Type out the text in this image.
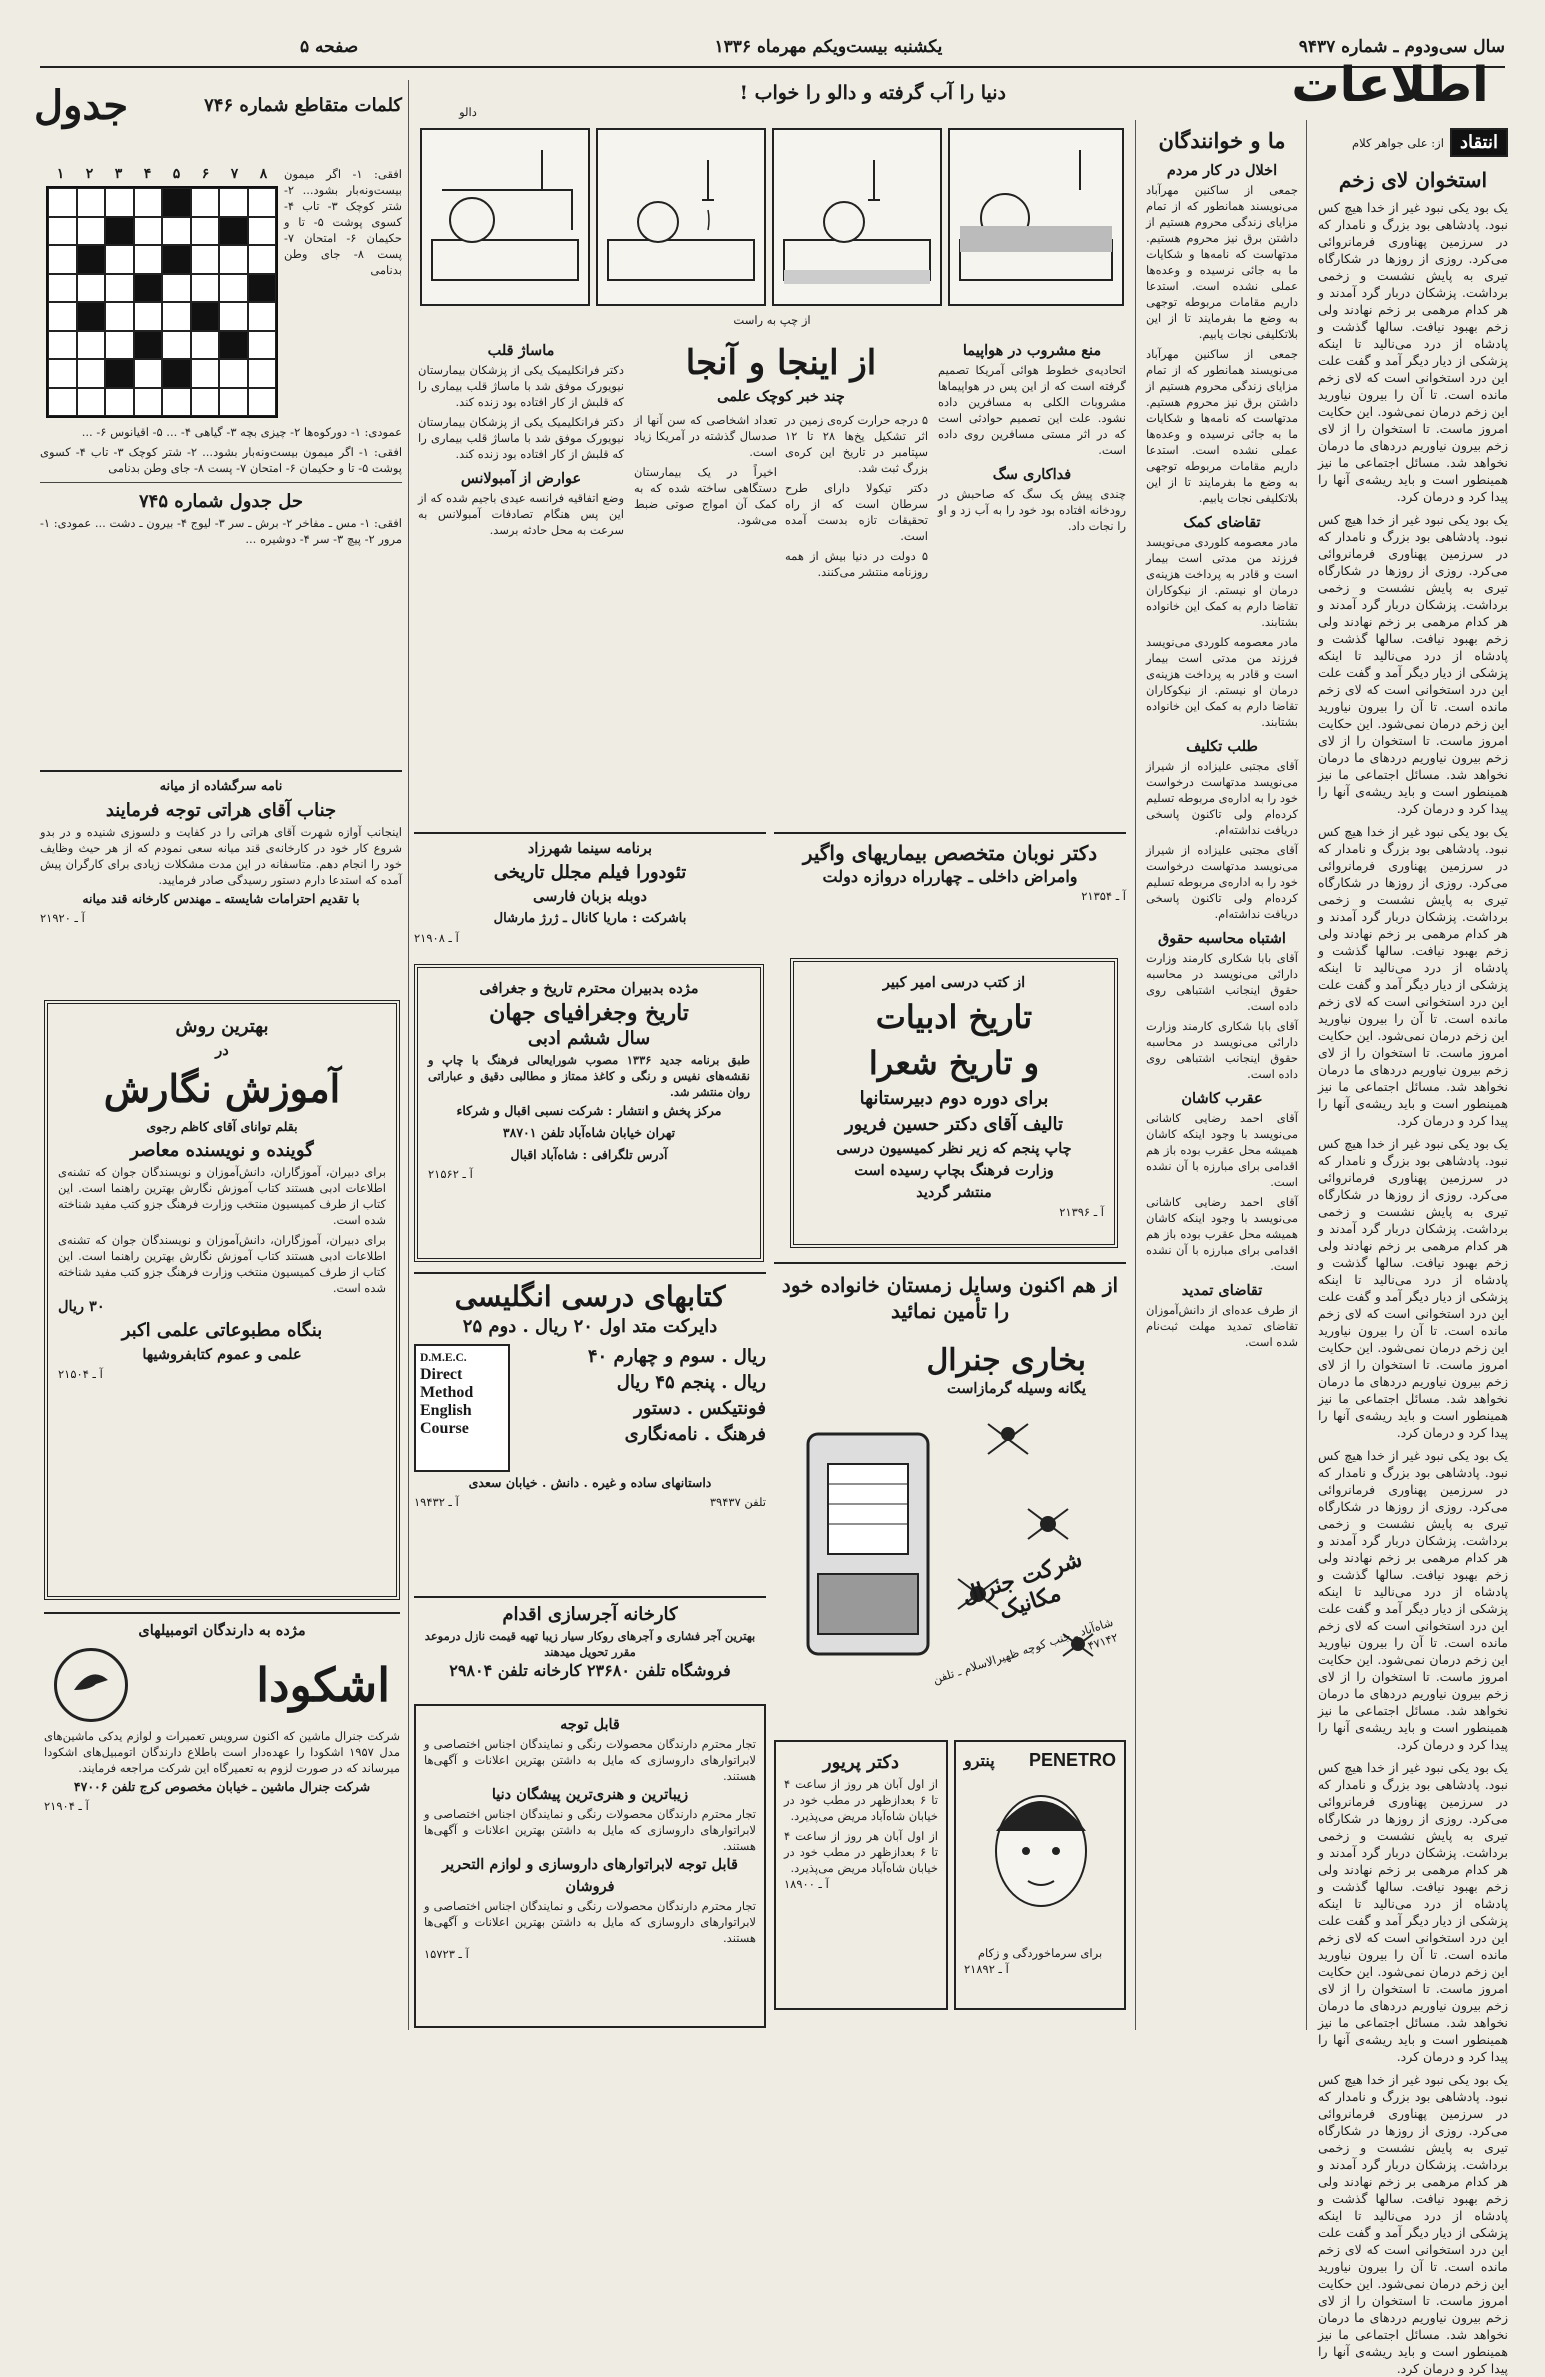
سال سی‌ودوم ـ شماره ۹۴۳۷
یکشنبه بیست‌ویکم مهرماه ۱۳۳۶
صفحه ۵
اطلاعات
انتقاد
از: علی جواهر کلام
استخوان لای زخم
یک بود یکی نبود غیر از خدا هیچ کس نبود. پادشاهی بود بزرگ و نامدار که در سرزمین پهناوری فرمانروائی می‌کرد. روزی از روزها در شکارگاه تیری به پایش نشست و زخمی برداشت. پزشکان دربار گرد آمدند و هر کدام مرهمی بر زخم نهادند ولی زخم بهبود نیافت. سالها گذشت و پادشاه از درد می‌نالید تا اینکه پزشکی از دیار دیگر آمد و گفت علت این درد استخوانی است که لای زخم مانده است. تا آن را بیرون نیاورید این زخم درمان نمی‌شود. این حکایت امروز ماست. تا استخوان را از لای زخم بیرون نیاوریم دردهای ما درمان نخواهد شد. مسائل اجتماعی ما نیز همینطور است و باید ریشه‌ی آنها را پیدا کرد و درمان کرد.
یک بود یکی نبود غیر از خدا هیچ کس نبود. پادشاهی بود بزرگ و نامدار که در سرزمین پهناوری فرمانروائی می‌کرد. روزی از روزها در شکارگاه تیری به پایش نشست و زخمی برداشت. پزشکان دربار گرد آمدند و هر کدام مرهمی بر زخم نهادند ولی زخم بهبود نیافت. سالها گذشت و پادشاه از درد می‌نالید تا اینکه پزشکی از دیار دیگر آمد و گفت علت این درد استخوانی است که لای زخم مانده است. تا آن را بیرون نیاورید این زخم درمان نمی‌شود. این حکایت امروز ماست. تا استخوان را از لای زخم بیرون نیاوریم دردهای ما درمان نخواهد شد. مسائل اجتماعی ما نیز همینطور است و باید ریشه‌ی آنها را پیدا کرد و درمان کرد.
یک بود یکی نبود غیر از خدا هیچ کس نبود. پادشاهی بود بزرگ و نامدار که در سرزمین پهناوری فرمانروائی می‌کرد. روزی از روزها در شکارگاه تیری به پایش نشست و زخمی برداشت. پزشکان دربار گرد آمدند و هر کدام مرهمی بر زخم نهادند ولی زخم بهبود نیافت. سالها گذشت و پادشاه از درد می‌نالید تا اینکه پزشکی از دیار دیگر آمد و گفت علت این درد استخوانی است که لای زخم مانده است. تا آن را بیرون نیاورید این زخم درمان نمی‌شود. این حکایت امروز ماست. تا استخوان را از لای زخم بیرون نیاوریم دردهای ما درمان نخواهد شد. مسائل اجتماعی ما نیز همینطور است و باید ریشه‌ی آنها را پیدا کرد و درمان کرد.
یک بود یکی نبود غیر از خدا هیچ کس نبود. پادشاهی بود بزرگ و نامدار که در سرزمین پهناوری فرمانروائی می‌کرد. روزی از روزها در شکارگاه تیری به پایش نشست و زخمی برداشت. پزشکان دربار گرد آمدند و هر کدام مرهمی بر زخم نهادند ولی زخم بهبود نیافت. سالها گذشت و پادشاه از درد می‌نالید تا اینکه پزشکی از دیار دیگر آمد و گفت علت این درد استخوانی است که لای زخم مانده است. تا آن را بیرون نیاورید این زخم درمان نمی‌شود. این حکایت امروز ماست. تا استخوان را از لای زخم بیرون نیاوریم دردهای ما درمان نخواهد شد. مسائل اجتماعی ما نیز همینطور است و باید ریشه‌ی آنها را پیدا کرد و درمان کرد.
یک بود یکی نبود غیر از خدا هیچ کس نبود. پادشاهی بود بزرگ و نامدار که در سرزمین پهناوری فرمانروائی می‌کرد. روزی از روزها در شکارگاه تیری به پایش نشست و زخمی برداشت. پزشکان دربار گرد آمدند و هر کدام مرهمی بر زخم نهادند ولی زخم بهبود نیافت. سالها گذشت و پادشاه از درد می‌نالید تا اینکه پزشکی از دیار دیگر آمد و گفت علت این درد استخوانی است که لای زخم مانده است. تا آن را بیرون نیاورید این زخم درمان نمی‌شود. این حکایت امروز ماست. تا استخوان را از لای زخم بیرون نیاوریم دردهای ما درمان نخواهد شد. مسائل اجتماعی ما نیز همینطور است و باید ریشه‌ی آنها را پیدا کرد و درمان کرد.
یک بود یکی نبود غیر از خدا هیچ کس نبود. پادشاهی بود بزرگ و نامدار که در سرزمین پهناوری فرمانروائی می‌کرد. روزی از روزها در شکارگاه تیری به پایش نشست و زخمی برداشت. پزشکان دربار گرد آمدند و هر کدام مرهمی بر زخم نهادند ولی زخم بهبود نیافت. سالها گذشت و پادشاه از درد می‌نالید تا اینکه پزشکی از دیار دیگر آمد و گفت علت این درد استخوانی است که لای زخم مانده است. تا آن را بیرون نیاورید این زخم درمان نمی‌شود. این حکایت امروز ماست. تا استخوان را از لای زخم بیرون نیاوریم دردهای ما درمان نخواهد شد. مسائل اجتماعی ما نیز همینطور است و باید ریشه‌ی آنها را پیدا کرد و درمان کرد.
یک بود یکی نبود غیر از خدا هیچ کس نبود. پادشاهی بود بزرگ و نامدار که در سرزمین پهناوری فرمانروائی می‌کرد. روزی از روزها در شکارگاه تیری به پایش نشست و زخمی برداشت. پزشکان دربار گرد آمدند و هر کدام مرهمی بر زخم نهادند ولی زخم بهبود نیافت. سالها گذشت و پادشاه از درد می‌نالید تا اینکه پزشکی از دیار دیگر آمد و گفت علت این درد استخوانی است که لای زخم مانده است. تا آن را بیرون نیاورید این زخم درمان نمی‌شود. این حکایت امروز ماست. تا استخوان را از لای زخم بیرون نیاوریم دردهای ما درمان نخواهد شد. مسائل اجتماعی ما نیز همینطور است و باید ریشه‌ی آنها را پیدا کرد و درمان کرد.
ما و خوانندگان
اخلال در کار مردم
جمعی از ساکنین مهرآباد می‌نویسند همانطور که از تمام مزایای زندگی محروم هستیم از داشتن برق نیز محروم هستیم. مدتهاست که نامه‌ها و شکایات ما به جائی نرسیده و وعده‌ها عملی نشده است. استدعا داریم مقامات مربوطه توجهی به وضع ما بفرمایند تا از این بلاتکلیفی نجات یابیم.
جمعی از ساکنین مهرآباد می‌نویسند همانطور که از تمام مزایای زندگی محروم هستیم از داشتن برق نیز محروم هستیم. مدتهاست که نامه‌ها و شکایات ما به جائی نرسیده و وعده‌ها عملی نشده است. استدعا داریم مقامات مربوطه توجهی به وضع ما بفرمایند تا از این بلاتکلیفی نجات یابیم.
تقاضای کمک
مادر معصومه کلوردی می‌نویسد فرزند من مدتی است بیمار است و قادر به پرداخت هزینه‌ی درمان او نیستم. از نیکوکاران تقاضا دارم به کمک این خانواده بشتابند.
مادر معصومه کلوردی می‌نویسد فرزند من مدتی است بیمار است و قادر به پرداخت هزینه‌ی درمان او نیستم. از نیکوکاران تقاضا دارم به کمک این خانواده بشتابند.
طلب تکلیف
آقای مجتبی علیزاده از شیراز می‌نویسد مدتهاست درخواست خود را به اداره‌ی مربوطه تسلیم کرده‌ام ولی تاکنون پاسخی دریافت نداشته‌ام.
آقای مجتبی علیزاده از شیراز می‌نویسد مدتهاست درخواست خود را به اداره‌ی مربوطه تسلیم کرده‌ام ولی تاکنون پاسخی دریافت نداشته‌ام.
اشتباه محاسبه حقوق
آقای بابا شکاری کارمند وزارت دارائی می‌نویسد در محاسبه حقوق اینجانب اشتباهی روی داده است.
آقای بابا شکاری کارمند وزارت دارائی می‌نویسد در محاسبه حقوق اینجانب اشتباهی روی داده است.
عقرب کاشان
آقای احمد رضایی کاشانی می‌نویسد با وجود اینکه کاشان همیشه محل عقرب بوده باز هم اقدامی برای مبارزه با آن نشده است.
آقای احمد رضایی کاشانی می‌نویسد با وجود اینکه کاشان همیشه محل عقرب بوده باز هم اقدامی برای مبارزه با آن نشده است.
تقاضای تمدید
از طرف عده‌ای از دانش‌آموزان تقاضای تمدید مهلت ثبت‌نام شده است.
دنیا را آب گرفته و دالو را خواب !
دالو
از چپ به راست
از اینجا و آنجا
چند خبر کوچک علمی
۵ درجه حرارت کره‌ی زمین در اثر تشکیل یخ‌ها ۲۸ تا ۱۲ سپتامبر در تاریخ این کره‌ی بزرگ ثبت شد.
دکتر تیکولا دارای طرح سرطان است که از راه تحقیقات تازه بدست آمده است.
۵ دولت در دنیا بیش از همه روزنامه منتشر می‌کنند.
تعداد اشخاصی که سن آنها از صدسال گذشته در آمریکا زیاد است.
اخیراً در یک بیمارستان دستگاهی ساخته شده که به کمک آن امواج صوتی ضبط می‌شود.
منع مشروب در هواپیما
اتحادیه‌ی خطوط هوائی آمریکا تصمیم گرفته است که از این پس در هواپیماها مشروبات الکلی به مسافرین داده نشود. علت این تصمیم حوادثی است که در اثر مستی مسافرین روی داده است.
فداکاری سگ
چندی پیش یک سگ که صاحبش در رودخانه افتاده بود خود را به آب زد و او را نجات داد.
ماساژ قلب
دکتر فرانکلیمیک یکی از پزشکان بیمارستان نیویورک موفق شد با ماساژ قلب بیماری را که قلبش از کار افتاده بود زنده کند.
دکتر فرانکلیمیک یکی از پزشکان بیمارستان نیویورک موفق شد با ماساژ قلب بیماری را که قلبش از کار افتاده بود زنده کند.
عوارض از آمبولانس
وضع اتفاقیه فرانسه عیدی باجیم شده که از این پس هنگام تصادفات آمبولانس به سرعت به محل حادثه برسد.
کلمات متقاطع شماره ۷۴۶
جدول
۱ ۲ ۳ ۴ ۵ ۶ ۷ ۸ افقی: ۱- اگر میمون بیست‌ونه‌بار بشود... ۲- شتر کوچک ۳- تاب ۴- کسوی پوشت ۵- تا و حکیمان ۶- امتحان ۷- پست ۸- جای وطن بدنامی
عمودی: ۱- دورکوه‌ها ۲- چیزی بچه ۳- گیاهی ۴- ... ۵- اقیانوس ۶- ...
افقی: ۱- اگر میمون بیست‌ونه‌بار بشود... ۲- شتر کوچک ۳- تاب ۴- کسوی پوشت ۵- تا و حکیمان ۶- امتحان ۷- پست ۸- جای وطن بدنامی
حل جدول شماره ۷۴۵
افقی: ۱- مس ـ مفاخر ۲- برش ـ سر ۳- لیوج ۴- بیرون ـ دشت ... عمودی: ۱- مرور ۲- پیچ ۳- سر ۴- دوشیره ...
نامه سرگشاده از میانه
جناب آقای هراتی توجه فرمایند
اینجانب آوازه شهرت آقای هراتی را در کفایت و دلسوزی شنیده و در بدو شروع کار خود در کارخانه‌ی قند میانه سعی نمودم که از هر حیث وظایف خود را انجام دهم. متاسفانه در این مدت مشکلات زیادی برای کارگران پیش آمده که استدعا دارم دستور رسیدگی صادر فرمایید.
با تقدیم احترامات شایسته ـ مهندس کارخانه قند میانه
آ ـ ۲۱۹۲۰
بهترین روش
در
آموزش نگارش
بقلم توانای آقای کاظم رجوی
گوینده و نویسنده معاصر
برای دبیران، آموزگاران، دانش‌آموزان و نویسندگان جوان که تشنه‌ی اطلاعات ادبی هستند کتاب آموزش نگارش بهترین راهنما است. این کتاب از طرف کمیسیون منتخب وزارت فرهنگ جزو کتب مفید شناخته شده است.
برای دبیران، آموزگاران، دانش‌آموزان و نویسندگان جوان که تشنه‌ی اطلاعات ادبی هستند کتاب آموزش نگارش بهترین راهنما است. این کتاب از طرف کمیسیون منتخب وزارت فرهنگ جزو کتب مفید شناخته شده است.
۳۰ ریال
بنگاه مطبوعاتی علمی اکبر
علمی و عموم کتابفروشیها
آ ـ ۲۱۵۰۴
مژده به دارندگان اتومبیلهای
اشکودا
شرکت جنرال ماشین که اکنون سرویس تعمیرات و لوازم یدکی ماشین‌های مدل ۱۹۵۷ اشکودا را عهده‌دار است باطلاع دارندگان اتومبیل‌های اشکودا میرساند که در صورت لزوم به تعمیرگاه این شرکت مراجعه فرمایند.
شرکت جنرال ماشین ـ خیابان مخصوص کرج تلفن ۴۷۰۰۶
آ ـ ۲۱۹۰۴
برنامه سینما شهرزاد
تئودورا فیلم مجلل تاریخی
دوبله بزبان فارسی
باشرکت : ماریا کانال ـ ژرژ مارشال
آ ـ ۲۱۹۰۸
مژده بدبیران محترم تاریخ و جغرافی
تاریخ وجغرافیای جهان
سال ششم ادبی
طبق برنامه جدید ۱۳۳۶ مصوب شورایعالی فرهنگ با چاپ و نقشه‌های نفیس و رنگی و کاغذ ممتاز و مطالبی دقیق و عباراتی روان منتشر شد.
مرکز پخش و انتشار : شرکت نسبی اقبال و شرکاء
تهران خیابان شاه‌آباد تلفن ۳۸۷۰۱
آدرس تلگرافی : شاه‌آباد اقبال
آ ـ ۲۱۵۶۲
کتابهای درسی انگلیسی
دایرکت متد اول ۲۰ ریال . دوم ۲۵
ریال . سوم و چهارم ۴۰
ریال . پنجم ۴۵ ریال
فونتیکس . دستور
فرهنگ . نامه‌نگاری
D.M.E.C.
Direct
Method
English
Course
داستانهای ساده و غیره . دانش . خیابان سعدی
تلفن ۳۹۴۳۷
آ ـ ۱۹۴۳۲
کارخانه آجرسازی اقدام
بهترین آجر فشاری و آجرهای روکار سیار زیبا تهیه قیمت نازل درموعد مقرر تحویل میدهند
فروشگاه تلفن ۲۳۶۸۰ کارخانه تلفن ۲۹۸۰۴
قابل توجه
تجار محترم دارندگان محصولات رنگی و نمایندگان اجناس اختصاصی و لابراتوارهای داروسازی که مایل به داشتن بهترین اعلانات و آگهی‌ها هستند.
زیباترین و هنری‌ترین پیشگان دنیا
تجار محترم دارندگان محصولات رنگی و نمایندگان اجناس اختصاصی و لابراتوارهای داروسازی که مایل به داشتن بهترین اعلانات و آگهی‌ها هستند.
قابل توجه لابراتوارهای داروسازی و لوازم التحریر فروشان
تجار محترم دارندگان محصولات رنگی و نمایندگان اجناس اختصاصی و لابراتوارهای داروسازی که مایل به داشتن بهترین اعلانات و آگهی‌ها هستند.
آ ـ ۱۵۷۲۳
دکتر نوبان متخصص بیماریهای واگیر
وامراض داخلی ـ چهارراه دروازه دولت
آ ـ ۲۱۳۵۴
از کتب درسی امیر کبیر
تاریخ ادبیات
و تاریخ شعرا
برای دوره دوم دبیرستانها
تالیف آقای دکتر حسین فریور
چاپ پنجم که زیر نظر کمیسیون درسی
وزارت فرهنگ بچاپ رسیده است
منتشر گردید
آ ـ ۲۱۳۹۶
از هم اکنون وسایل زمستان خانواده خود را تأمین نمائید
بخاری جنرال
یگانه وسیله گرمازاست
شرکت جنرال مکانیک
شاه‌آباد ـ جنب کوچه ظهیرالاسلام ـ تلفن ۴۷۱۴۲
دکتر پریور
از اول آبان هر روز از ساعت ۴ تا ۶ بعدازظهر در مطب خود در خیابان شاه‌آباد مریض می‌پذیرد.
از اول آبان هر روز از ساعت ۴ تا ۶ بعدازظهر در مطب خود در خیابان شاه‌آباد مریض می‌پذیرد.
آ ـ ۱۸۹۰۰
PENETRO
پنترو
برای سرماخوردگی و زکام
آ ـ ۲۱۸۹۲
